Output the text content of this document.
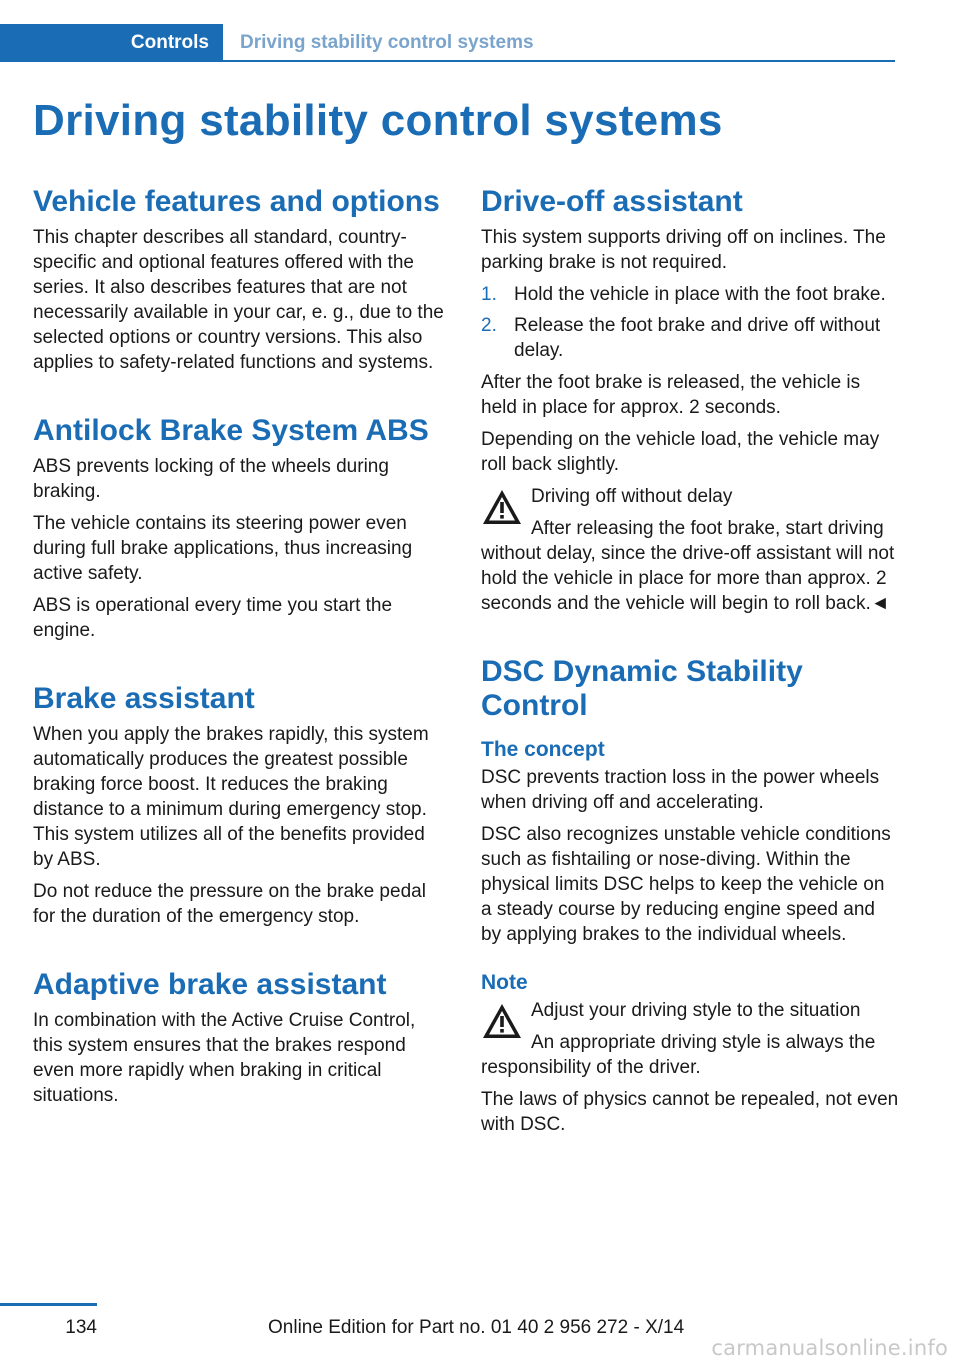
Controls	Driving stability control systems
Driving stability control systems
Vehicle features and options

This chapter describes all standard, country-specific and optional features offered with the series. It also describes features that are not necessarily available in your car, e. g., due to the selected options or country versions. This also applies to safety-related functions and systems.

Antilock Brake System ABS

ABS prevents locking of the wheels during braking.

The vehicle contains its steering power even during full brake applications, thus increasing active safety.

ABS is operational every time you start the engine.

Brake assistant

When you apply the brakes rapidly, this system automatically produces the greatest possible braking force boost. It reduces the braking distance to a minimum during emergency stop. This system utilizes all of the benefits provided by ABS.

Do not reduce the pressure on the brake pedal for the duration of the emergency stop.

Adaptive brake assistant

In combination with the Active Cruise Control, this system ensures that the brakes respond even more rapidly when braking in critical situations.

Drive-off assistant

This system supports driving off on inclines. The parking brake is not required.

1. Hold the vehicle in place with the foot brake.
2. Release the foot brake and drive off without delay.

After the foot brake is released, the vehicle is held in place for approx. 2 seconds.

Depending on the vehicle load, the vehicle may roll back slightly.

Driving off without delay

After releasing the foot brake, start driving without delay, since the drive-off assistant will not hold the vehicle in place for more than approx. 2 seconds and the vehicle will begin to roll back.◄

DSC Dynamic Stability Control
The concept

DSC prevents traction loss in the power wheels when driving off and accelerating.

DSC also recognizes unstable vehicle conditions such as fishtailing or nose-diving. Within the physical limits DSC helps to keep the vehicle on a steady course by reducing engine speed and by applying brakes to the individual wheels.

Note

Adjust your driving style to the situation

An appropriate driving style is always the responsibility of the driver.

The laws of physics cannot be repealed, not even with DSC.

134	Online Edition for Part no. 01 40 2 956 272 - X/14
carmanualsonline.info
